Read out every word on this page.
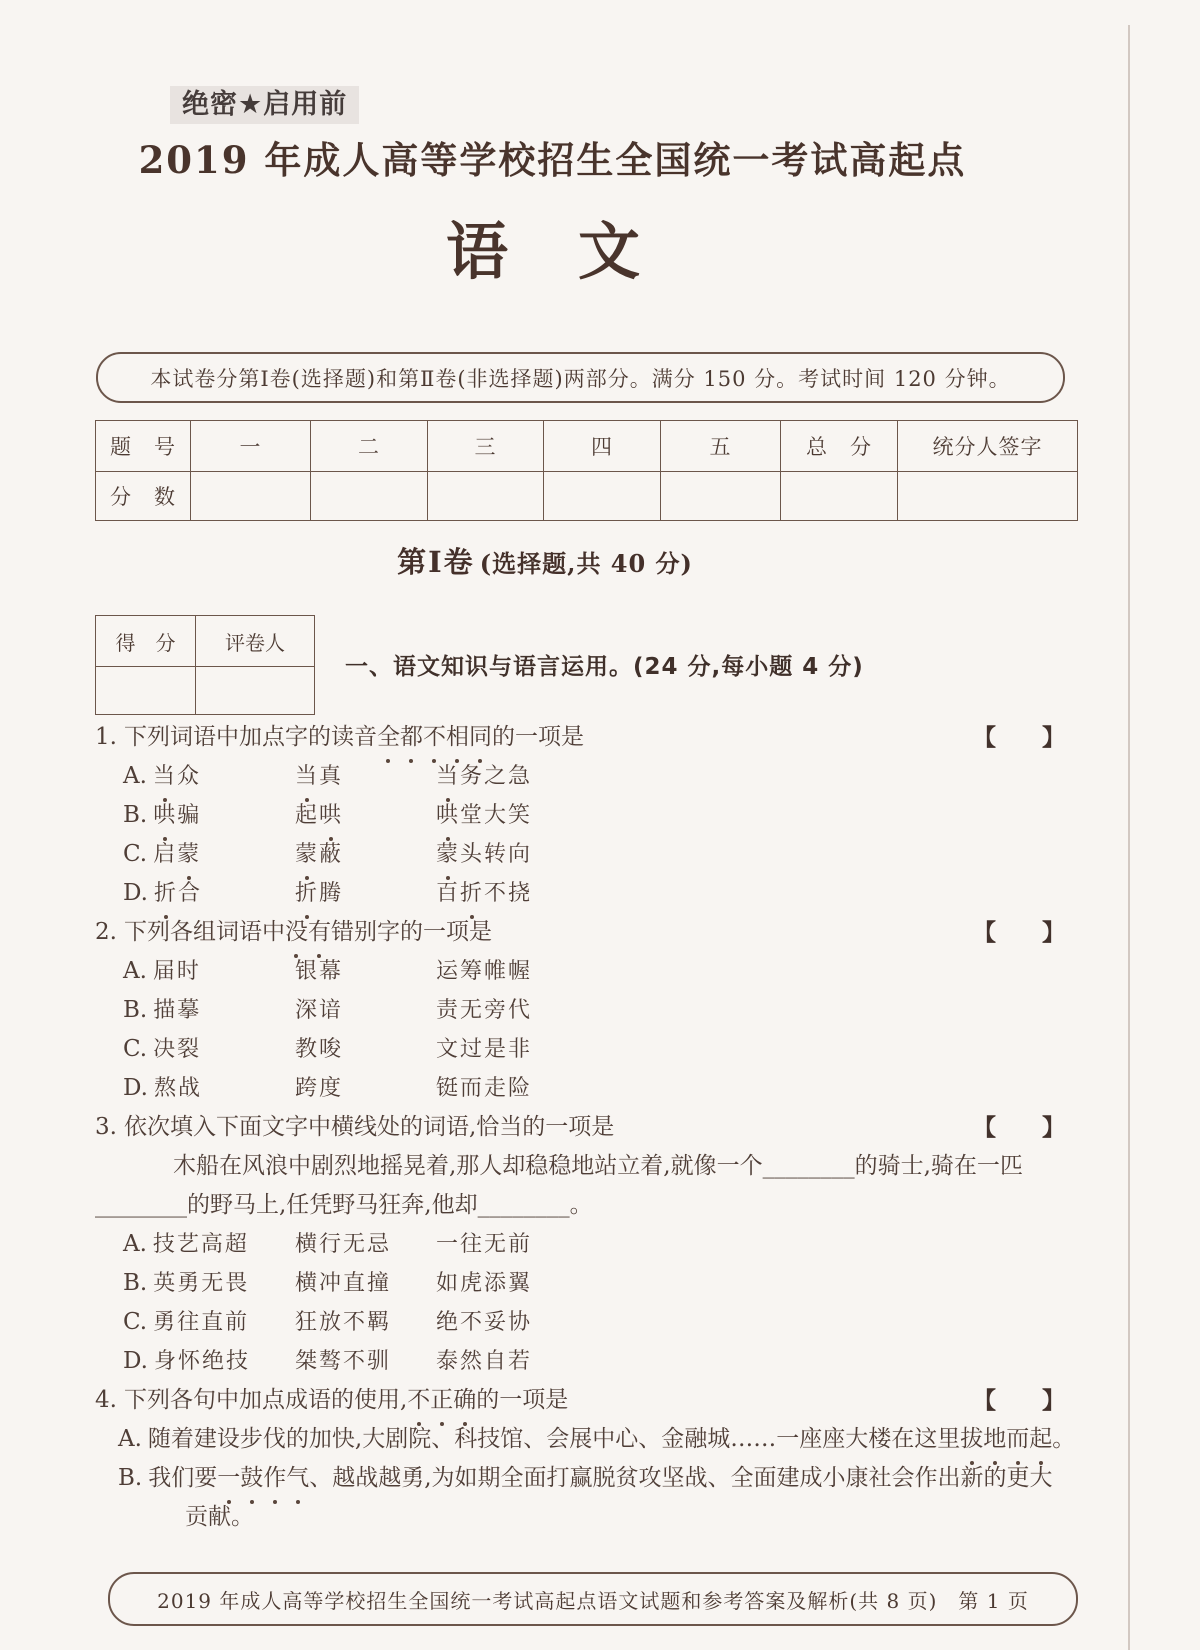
绝密★启用前
2019 年成人高等学校招生全国统一考试高起点
语　文
本试卷分第Ⅰ卷(选择题)和第Ⅱ卷(非选择题)两部分。满分 150 分。考试时间 120 分钟。
题　号	一	二	三	四	五	总　分	统分人签字
分　数							
第Ⅰ卷 (选择题,共 40 分)
得　分	评卷人

一、语文知识与语言运用。(24 分,每小题 4 分)
1. 下列词语中加点字的读音全都不相同的一项是	【　　】
A. 当众	当真	当务之急
B. 哄骗	起哄	哄堂大笑
C. 启蒙	蒙蔽	蒙头转向
D. 折合	折腾	百折不挠
2. 下列各组词语中没有错别字的一项是	【　　】
A. 届时	银幕	运筹帷幄
B. 描摹	深谙	责无旁代
C. 决裂	教唆	文过是非
D. 熬战	跨度	铤而走险
3. 依次填入下面文字中横线处的词语,恰当的一项是	【　　】
木船在风浪中剧烈地摇晃着,那人却稳稳地站立着,就像一个________的骑士,骑在一匹
________的野马上,任凭野马狂奔,他却________。
A. 技艺高超	横行无忌	一往无前
B. 英勇无畏	横冲直撞	如虎添翼
C. 勇往直前	狂放不羁	绝不妥协
D. 身怀绝技	桀骜不驯	泰然自若
4. 下列各句中加点成语的使用,不正确的一项是	【　　】
A. 随着建设步伐的加快,大剧院、科技馆、会展中心、金融城……一座座大楼在这里拔地而起。
B. 我们要一鼓作气、越战越勇,为如期全面打赢脱贫攻坚战、全面建成小康社会作出新的更大
贡献。
2019 年成人高等学校招生全国统一考试高起点语文试题和参考答案及解析(共 8 页)　第 1 页
